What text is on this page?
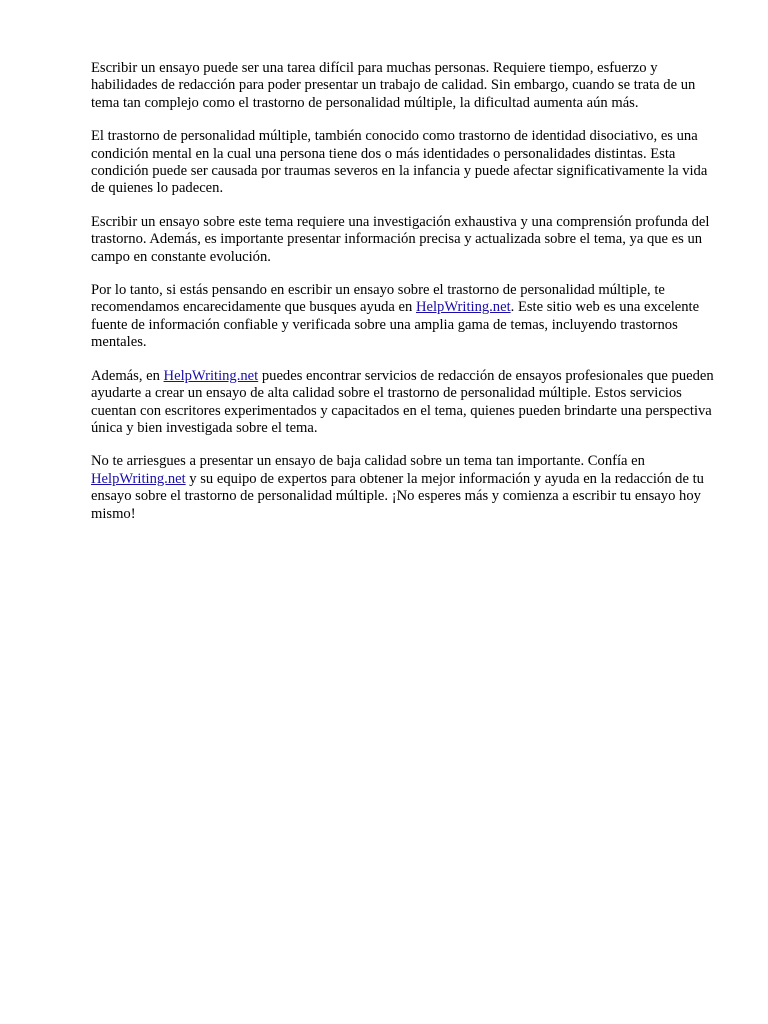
Escribir un ensayo puede ser una tarea difícil para muchas personas. Requiere tiempo, esfuerzo y habilidades de redacción para poder presentar un trabajo de calidad. Sin embargo, cuando se trata de un tema tan complejo como el trastorno de personalidad múltiple, la dificultad aumenta aún más.

El trastorno de personalidad múltiple, también conocido como trastorno de identidad disociativo, es una condición mental en la cual una persona tiene dos o más identidades o personalidades distintas. Esta condición puede ser causada por traumas severos en la infancia y puede afectar significativamente la vida de quienes lo padecen.

Escribir un ensayo sobre este tema requiere una investigación exhaustiva y una comprensión profunda del trastorno. Además, es importante presentar información precisa y actualizada sobre el tema, ya que es un campo en constante evolución.

Por lo tanto, si estás pensando en escribir un ensayo sobre el trastorno de personalidad múltiple, te recomendamos encarecidamente que busques ayuda en HelpWriting.net. Este sitio web es una excelente fuente de información confiable y verificada sobre una amplia gama de temas, incluyendo trastornos mentales.

Además, en HelpWriting.net puedes encontrar servicios de redacción de ensayos profesionales que pueden ayudarte a crear un ensayo de alta calidad sobre el trastorno de personalidad múltiple. Estos servicios cuentan con escritores experimentados y capacitados en el tema, quienes pueden brindarte una perspectiva única y bien investigada sobre el tema.

No te arriesgues a presentar un ensayo de baja calidad sobre un tema tan importante. Confía en HelpWriting.net y su equipo de expertos para obtener la mejor información y ayuda en la redacción de tu ensayo sobre el trastorno de personalidad múltiple. ¡No esperes más y comienza a escribir tu ensayo hoy mismo!
